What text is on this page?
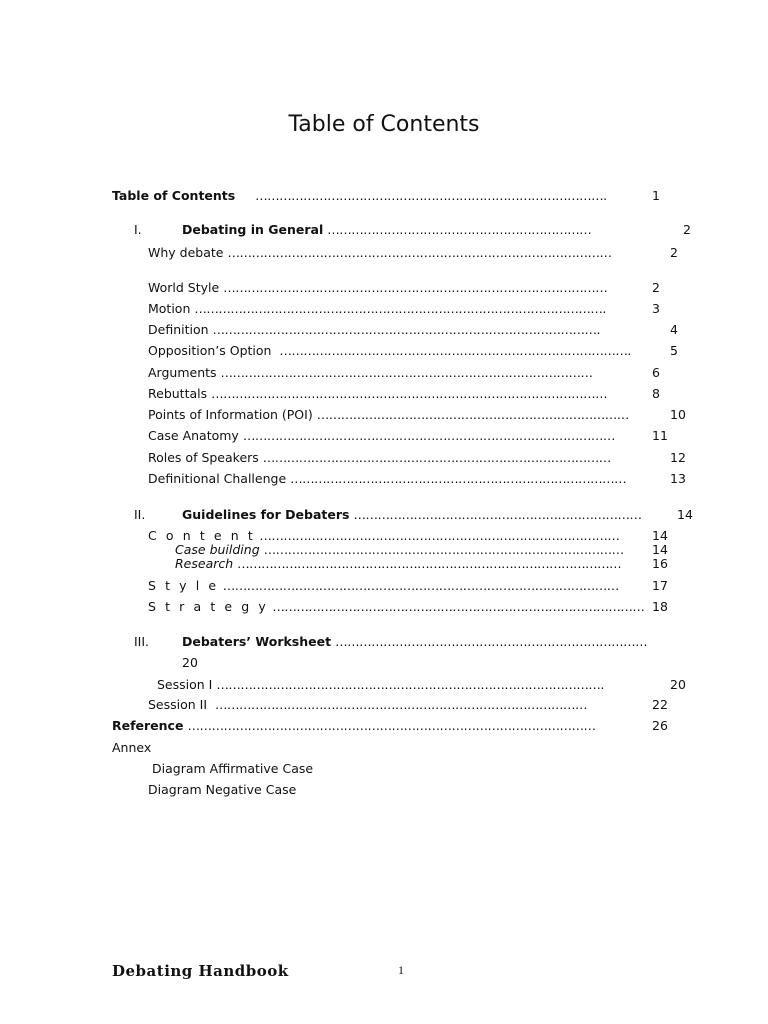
Table of Contents
Table of Contents …………………………………………………………………………….	1
I.	Debating in General …………………………………………………………	2
Why debate ……………………………………………………………………………………	2
World Style ……………………………………………………………………………………	2
Motion ………………………………………………………………………………………….	3
Definition …………………………………………………………………………………….	4
Opposition’s Option …………………………………………………………………………….	5
Arguments …………………………………………………………………………………	6
Rebuttals ………………………………………………………………………………………	8
Points of Information (POI) ……………………………………………………………………	10
Case Anatomy …………………………………………………………………………………	11
Roles of Speakers ……………………………………………………………………………	12
Definitional Challenge …………………………………………………………………………	13
II.	Guidelines for Debaters ………………………………………………………………	14
C o n t e n t ………………………………………………………………………………	14
Case building ……………………………………………………………………………… 14
Research …………………………………………………………………………………… 16
S t y l e ………………………………………………………………………………………	17
S t r a t e g y ………………………………………………………………………………… 18
III.	Debaters’ Worksheet ……………………………………………………………………
20
Session I …………………………………………………………………………………….	20
Session II …………………………………………………………………………………	22
Reference …………………………………………………………………………………………	26
Annex
Diagram Affirmative Case
Diagram Negative Case
Debating Handbook	1
